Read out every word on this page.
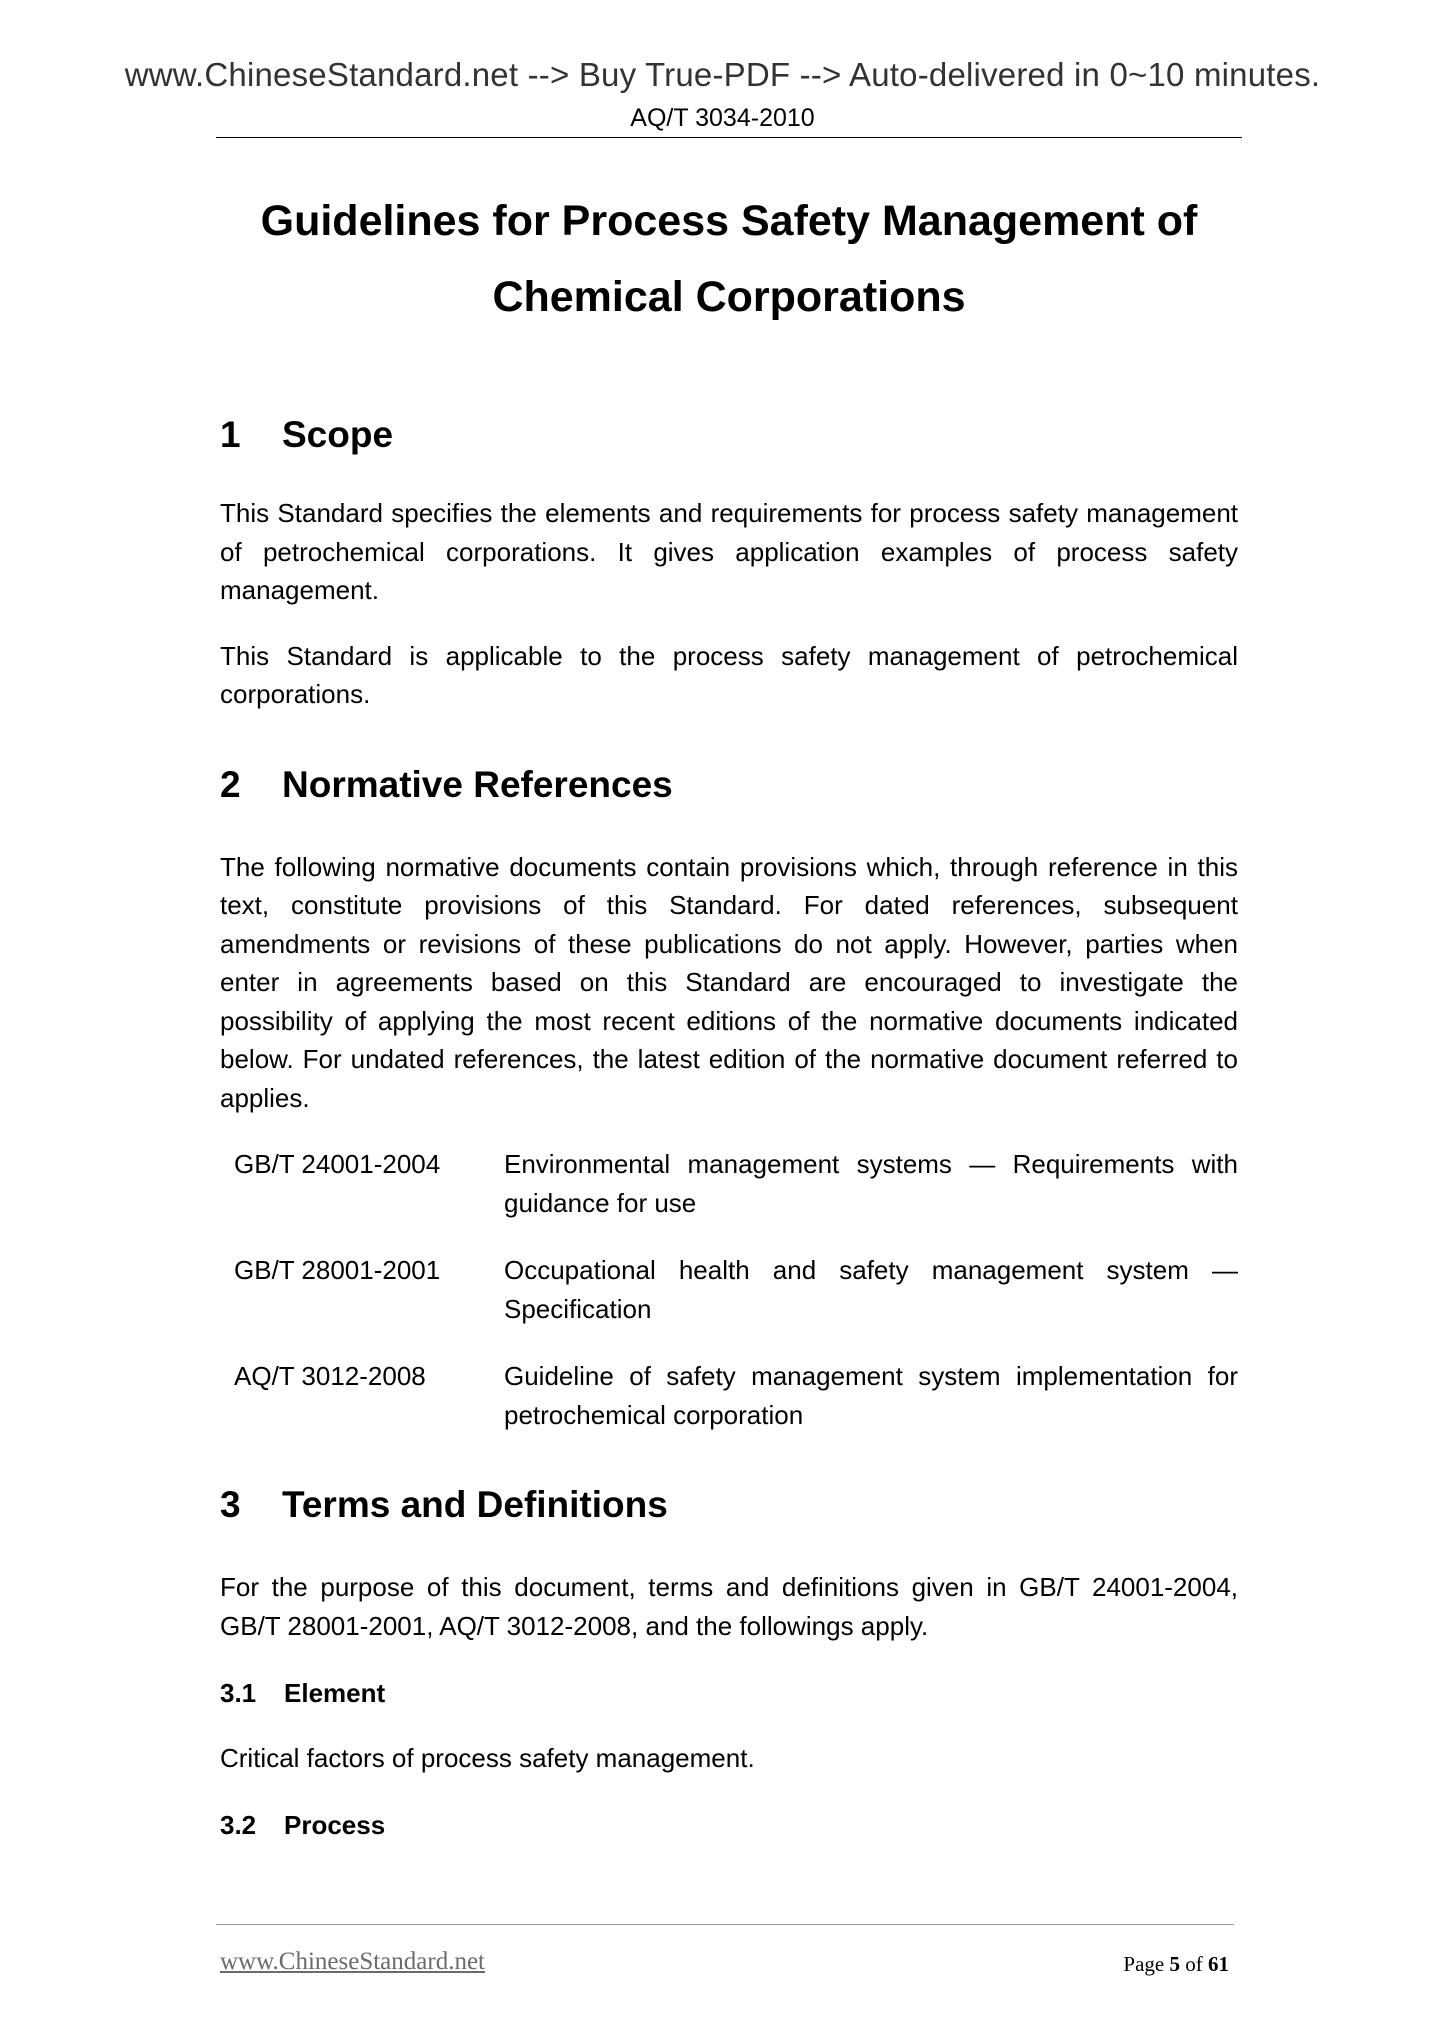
www.ChineseStandard.net --> Buy True-PDF --> Auto-delivered in 0~10 minutes.
AQ/T 3034-2010
Guidelines for Process Safety Management of
Chemical Corporations
1	Scope

This Standard specifies the elements and requirements for process safety management of petrochemical corporations. It gives application examples of process safety management.

This Standard is applicable to the process safety management of petrochemical corporations.

2	Normative References

The following normative documents contain provisions which, through reference in this text, constitute provisions of this Standard. For dated references, subsequent amendments or revisions of these publications do not apply. However, parties when enter in agreements based on this Standard are encouraged to investigate the possibility of applying the most recent editions of the normative documents indicated below. For undated references, the latest edition of the normative document referred to applies.

GB/T 24001-2004	Environmental management systems — Requirements with guidance for use
GB/T 28001-2001	Occupational health and safety management system — Specification
AQ/T 3012-2008	Guideline of safety management system implementation for petrochemical corporation
3	Terms and Definitions

For the purpose of this document, terms and definitions given in GB/T 24001-2004, GB/T 28001-2001, AQ/T 3012-2008, and the followings apply.

3.1	Element

Critical factors of process safety management.

3.2	Process
www.ChineseStandard.net	Page 5 of 61
